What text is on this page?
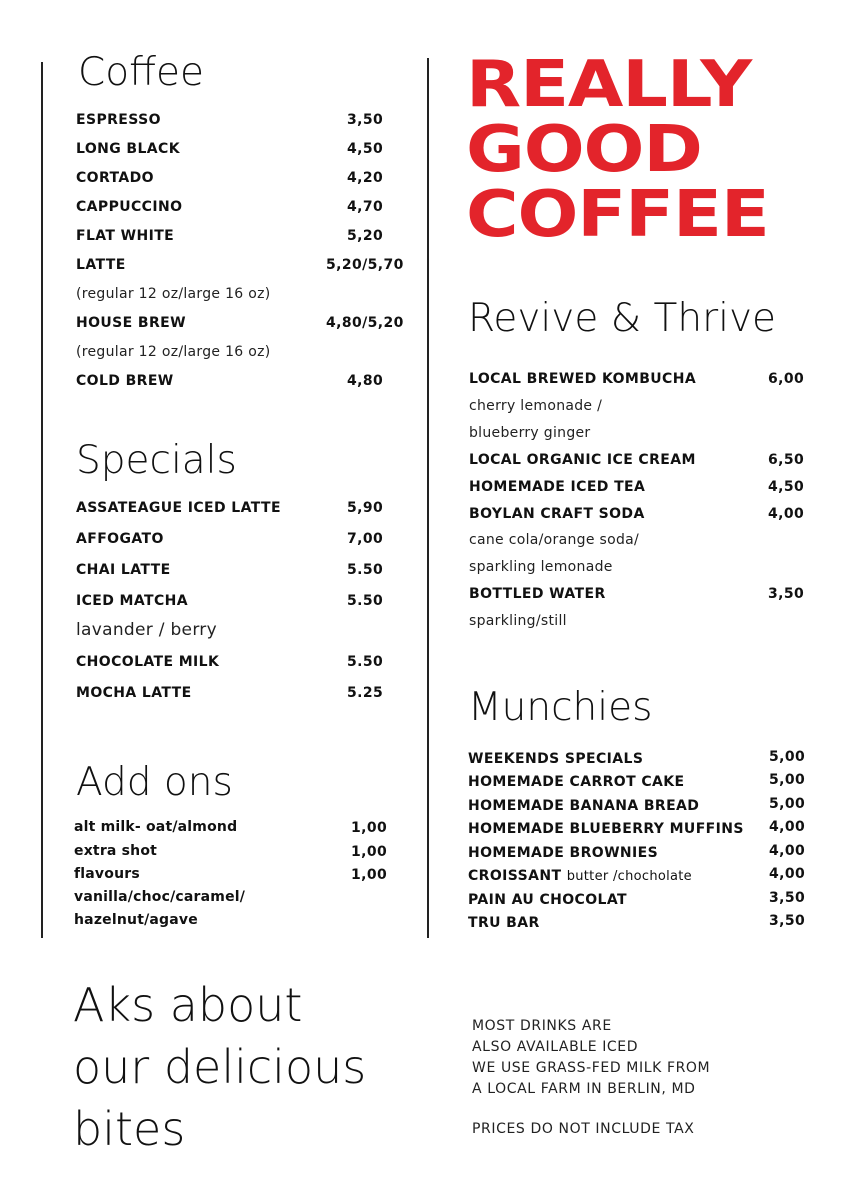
Coffee
ESPRESSO	3,50
LONG BLACK	4,50
CORTADO	4,20
CAPPUCCINO	4,70
FLAT WHITE	5,20
LATTE	5,20/5,70
(regular 12 oz/large 16 oz)
HOUSE BREW	4,80/5,20
(regular 12 oz/large 16 oz)
COLD BREW	4,80
Specials
ASSATEAGUE ICED LATTE	5,90
AFFOGATO	7,00
CHAI LATTE	5.50
ICED MATCHA	5.50
lavander / berry
CHOCOLATE MILK	5.50
MOCHA LATTE	5.25
Add ons
alt milk- oat/almond	1,00
extra shot	1,00
flavours	1,00
vanilla/choc/caramel/
hazelnut/agave
REALLY
GOOD
COFFEE
Revive & Thrive
LOCAL BREWED KOMBUCHA	6,00
cherry lemonade /
blueberry ginger
LOCAL ORGANIC ICE CREAM	6,50
HOMEMADE ICED TEA	4,50
BOYLAN CRAFT SODA	4,00
cane cola/orange soda/
sparkling lemonade
BOTTLED WATER	3,50
sparkling/still
Munchies
WEEKENDS SPECIALS	5,00
HOMEMADE CARROT CAKE	5,00
HOMEMADE BANANA BREAD	5,00
HOMEMADE BLUEBERRY MUFFINS 4,00
HOMEMADE BROWNIES	4,00
CROISSANT butter /chocholate	4,00
PAIN AU CHOCOLAT	3,50
TRU BAR	3,50
Aks about
our delicious
bites
MOST DRINKS ARE
ALSO AVAILABLE ICED
WE USE GRASS-FED MILK FROM
A LOCAL FARM IN BERLIN, MD
PRICES DO NOT INCLUDE TAX
